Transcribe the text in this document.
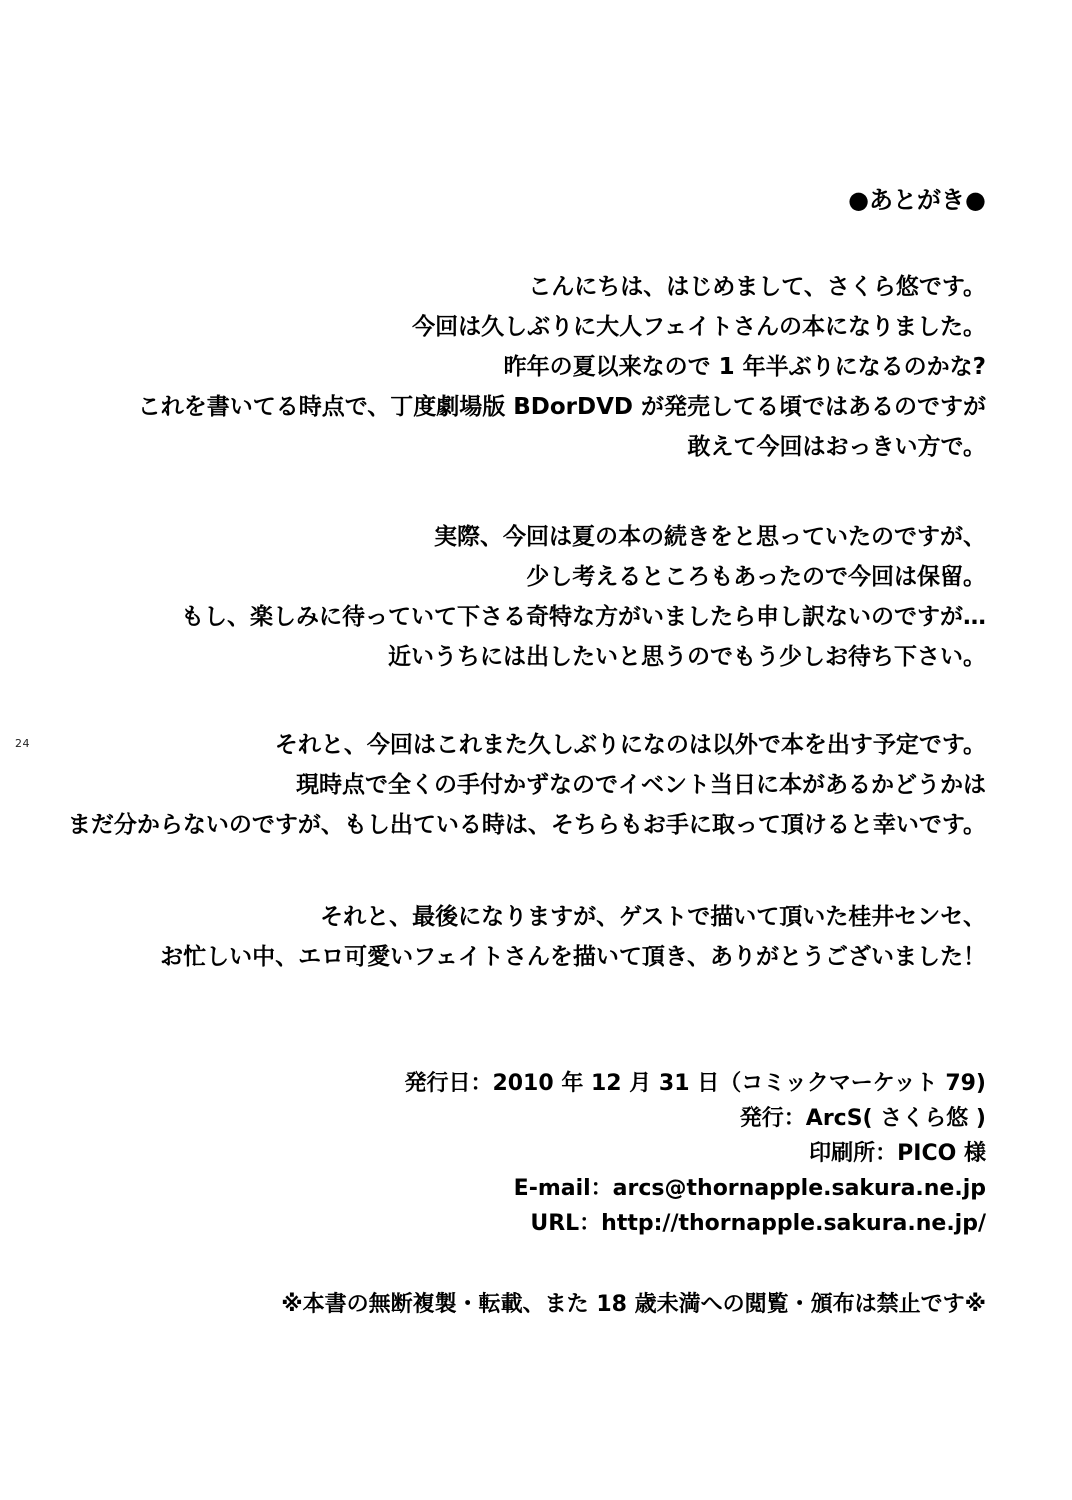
24
●あとがき●
こんにちは、はじめまして、さくら悠です。
今回は久しぶりに大人フェイトさんの本になりました。
昨年の夏以来なので 1 年半ぶりになるのかな?
これを書いてる時点で、丁度劇場版 BDorDVD が発売してる頃ではあるのですが
敢えて今回はおっきい方で。
実際、今回は夏の本の続きをと思っていたのですが、
少し考えるところもあったので今回は保留。
もし、楽しみに待っていて下さる奇特な方がいましたら申し訳ないのですが…
近いうちには出したいと思うのでもう少しお待ち下さい。
それと、今回はこれまた久しぶりになのは以外で本を出す予定です。
現時点で全くの手付かずなのでイベント当日に本があるかどうかは
まだ分からないのですが、もし出ている時は、そちらもお手に取って頂けると幸いです。
それと、最後になりますが、ゲストで描いて頂いた桂井センセ、
お忙しい中、エロ可愛いフェイトさんを描いて頂き、ありがとうございました！
発行日：2010 年 12 月 31 日（コミックマーケット 79)
発行：ArcS( さくら悠 )
印刷所：PICO 様
E-mail：arcs@thornapple.sakura.ne.jp
URL：http://thornapple.sakura.ne.jp/
※本書の無断複製・転載、また 18 歳未満への閲覧・頒布は禁止です※
